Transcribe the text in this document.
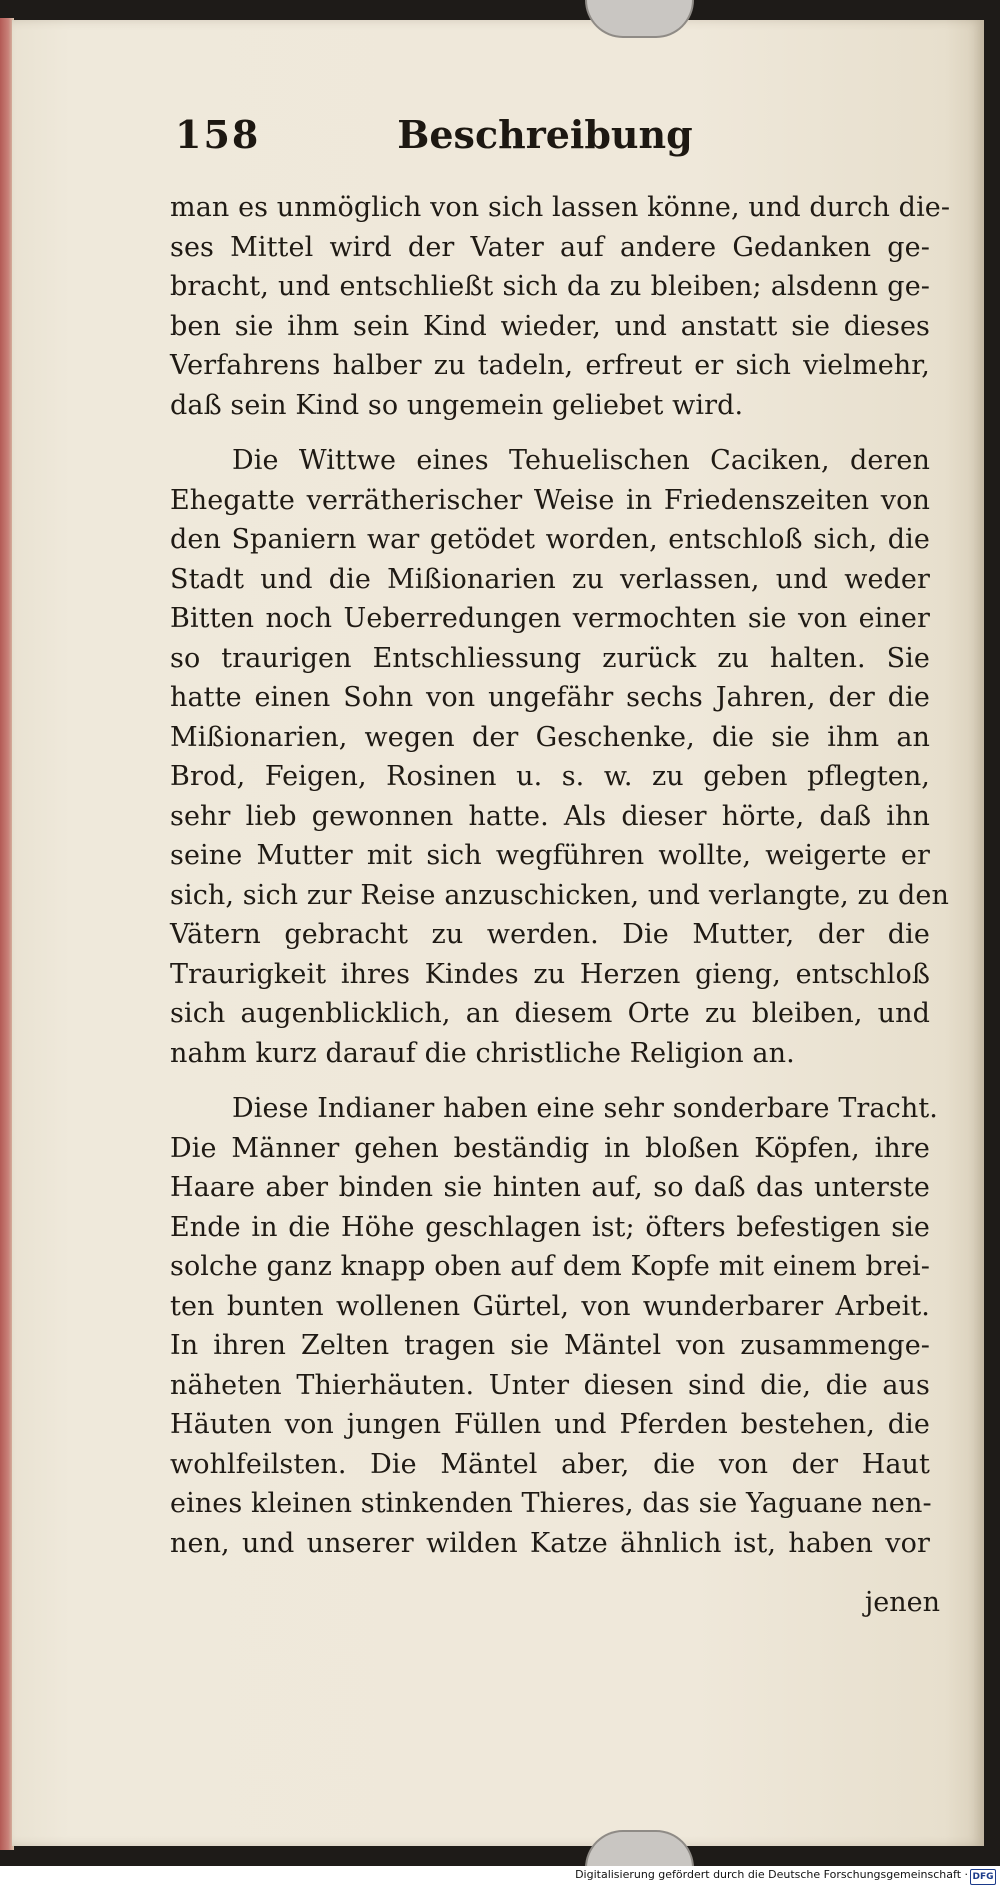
158	Beschreibung
man es unmöglich von sich lassen könne, und durch die-
ses Mittel wird der Vater auf andere Gedanken ge-
bracht, und entschließt sich da zu bleiben; alsdenn ge-
ben sie ihm sein Kind wieder, und anstatt sie dieses
Verfahrens halber zu tadeln, erfreut er sich vielmehr,
daß sein Kind so ungemein geliebet wird.
Die Wittwe eines Tehuelischen Caciken, deren
Ehegatte verrätherischer Weise in Friedenszeiten von
den Spaniern war getödet worden, entschloß sich, die
Stadt und die Mißionarien zu verlassen, und weder
Bitten noch Ueberredungen vermochten sie von einer
so traurigen Entschliessung zurück zu halten. Sie
hatte einen Sohn von ungefähr sechs Jahren, der die
Mißionarien, wegen der Geschenke, die sie ihm an
Brod, Feigen, Rosinen u. s. w. zu geben pflegten,
sehr lieb gewonnen hatte. Als dieser hörte, daß ihn
seine Mutter mit sich wegführen wollte, weigerte er
sich, sich zur Reise anzuschicken, und verlangte, zu den
Vätern gebracht zu werden. Die Mutter, der die
Traurigkeit ihres Kindes zu Herzen gieng, entschloß
sich augenblicklich, an diesem Orte zu bleiben, und
nahm kurz darauf die christliche Religion an.
Diese Indianer haben eine sehr sonderbare Tracht.
Die Männer gehen beständig in bloßen Köpfen, ihre
Haare aber binden sie hinten auf, so daß das unterste
Ende in die Höhe geschlagen ist; öfters befestigen sie
solche ganz knapp oben auf dem Kopfe mit einem brei-
ten bunten wollenen Gürtel, von wunderbarer Arbeit.
In ihren Zelten tragen sie Mäntel von zusammenge-
näheten Thierhäuten. Unter diesen sind die, die aus
Häuten von jungen Füllen und Pferden bestehen, die
wohlfeilsten. Die Mäntel aber, die von der Haut
eines kleinen stinkenden Thieres, das sie Yaguane nen-
nen, und unserer wilden Katze ähnlich ist, haben vor
jenen
Digitalisierung gefördert durch die Deutsche Forschungsgemeinschaft · DFG
